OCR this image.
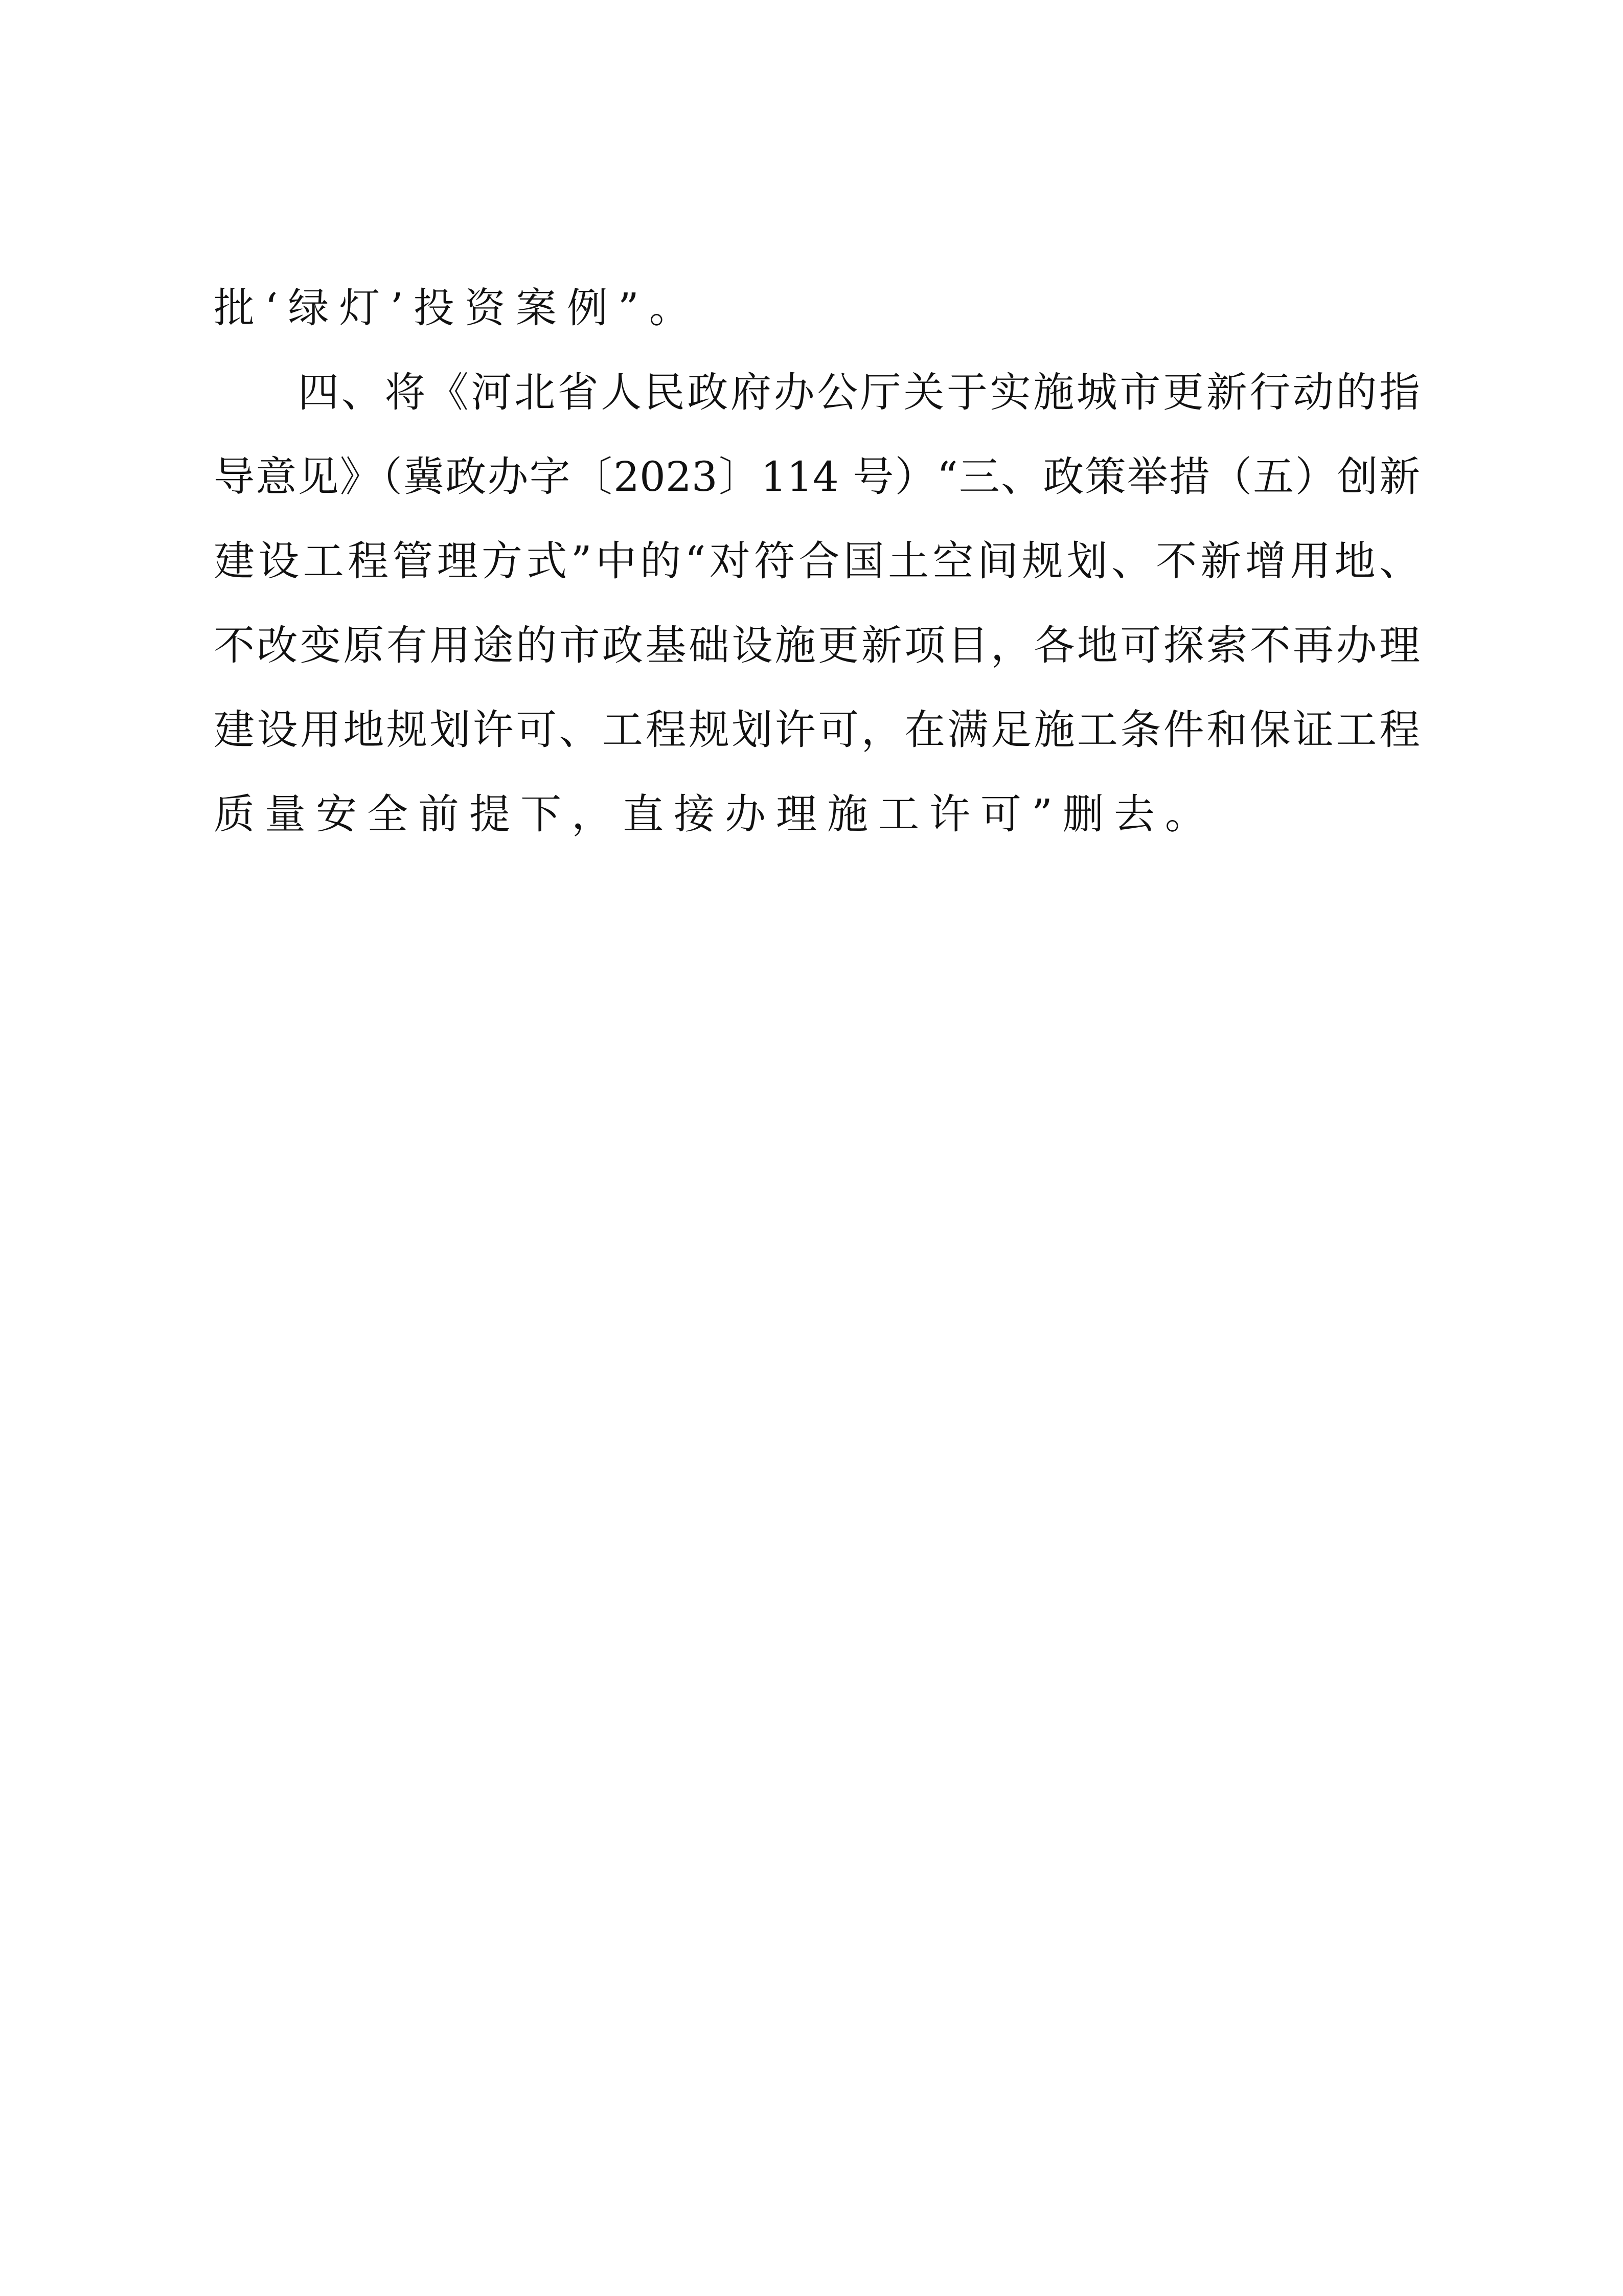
批‘绿灯’投资案例”。
四、将《河北省人民政府办公厅关于实施城市更新行动的指
导意见》（冀政办字〔2023〕114 号）“三、政策举措（五）创新
建设工程管理方式”中的“对符合国土空间规划、不新增用地、
不改变原有用途的市政基础设施更新项目，各地可探索不再办理
建设用地规划许可、工程规划许可，在满足施工条件和保证工程
质量安全前提下，直接办理施工许可”删去。
